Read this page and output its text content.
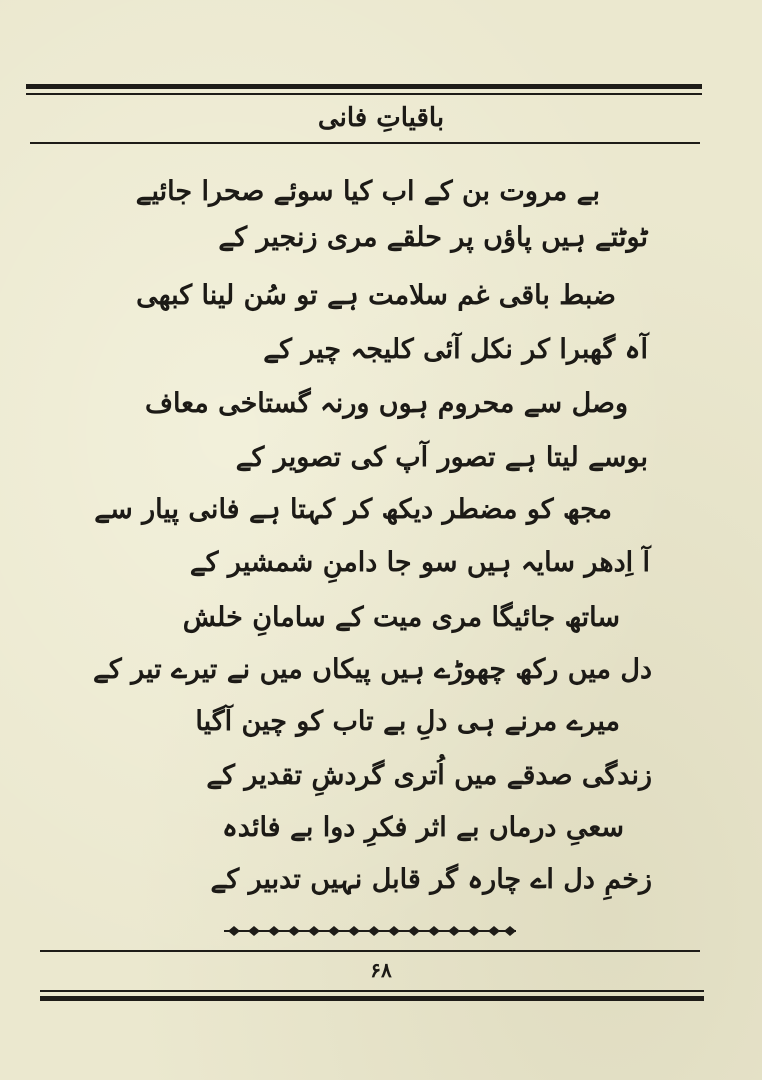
باقیاتِ فانی
بے مروت بن کے اب کیا سوئے صحرا جائیے
ٹوٹتے ہیں پاؤں پر حلقے مری زنجیر کے
ضبط باقی غم سلامت ہے تو سُن لینا کبھی
آہ گھبرا کر نکل آئی کلیجہ چیر کے
وصل سے محروم ہوں ورنہ گستاخی معاف
بوسے لیتا ہے تصور آپ کی تصویر کے
مجھ کو مضطر دیکھ کر کہتا ہے فانی پیار سے
آ اِدھر سایہ ہیں سو جا دامنِ شمشیر کے
ساتھ جائیگا مری میت کے سامانِ خلش
دل میں رکھ چھوڑے ہیں پیکاں میں نے تیرے تیر کے
میرے مرنے ہی دلِ بے تاب کو چین آگیا
زندگی صدقے میں اُتری گردشِ تقدیر کے
سعیِ درماں بے اثر فکرِ دوا بے فائدہ
زخمِ دل اے چارہ گر قابل نہیں تدبیر کے
۶۸
